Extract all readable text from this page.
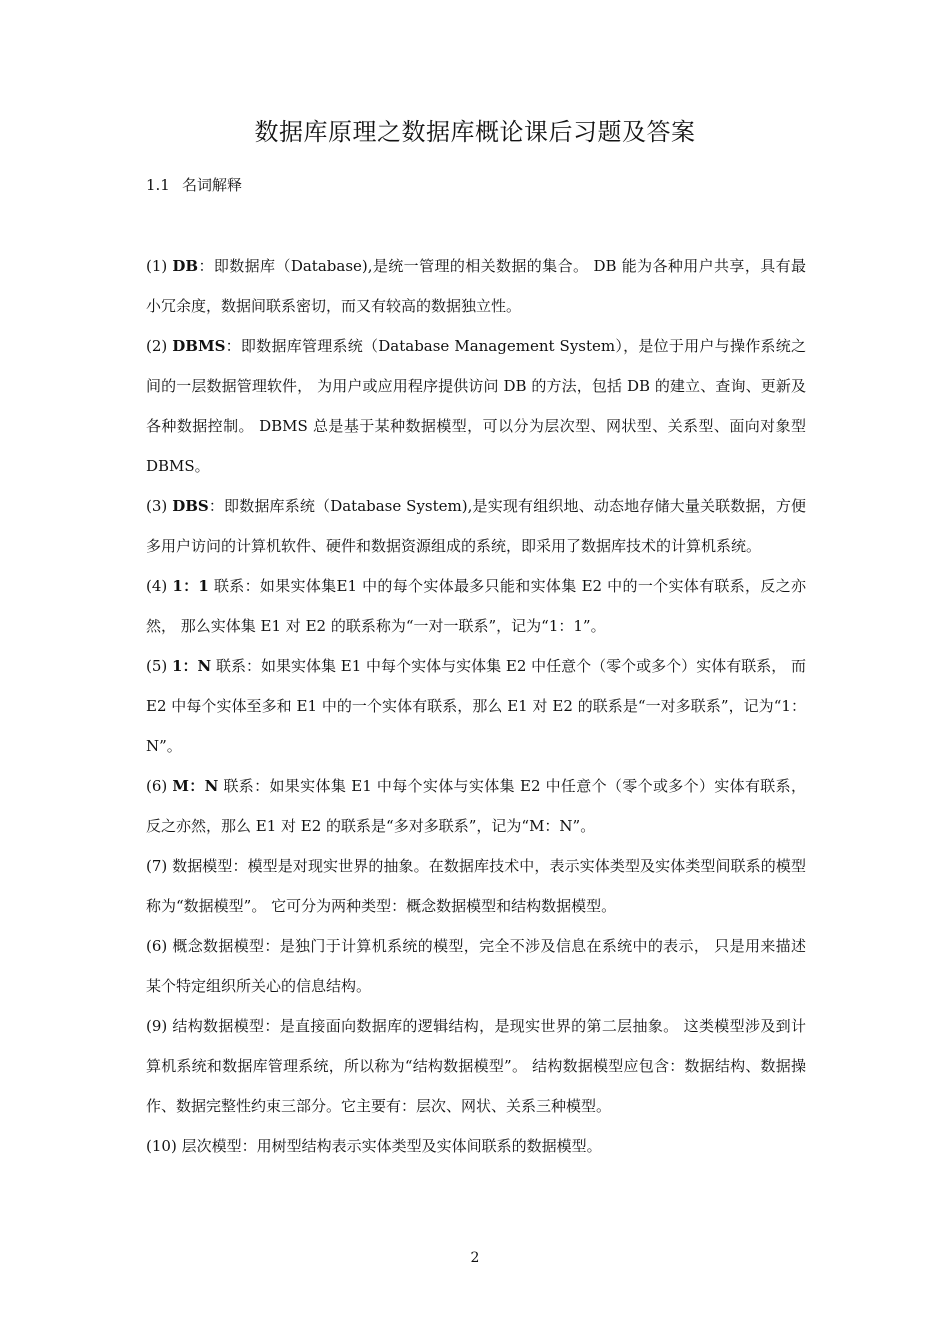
数据库原理之数据库概论课后习题及答案
1.1 名词解释

(1) DB：即数据库（Database),是统一管理的相关数据的集合。 DB 能为各种用户共享，具有最小冗余度，数据间联系密切，而又有较高的数据独立性。

(2) DBMS：即数据库管理系统（Database Management System），是位于用户与操作系统之间的一层数据管理软件， 为用户或应用程序提供访问 DB 的方法，包括 DB 的建立、查询、更新及各种数据控制。 DBMS 总是基于某种数据模型，可以分为层次型、网状型、关系型、面向对象型 DBMS。

(3) DBS：即数据库系统（Database System),是实现有组织地、动态地存储大量关联数据，方便多用户访问的计算机软件、硬件和数据资源组成的系统，即采用了数据库技术的计算机系统。

(4) 1：1 联系：如果实体集E1 中的每个实体最多只能和实体集 E2 中的一个实体有联系，反之亦然， 那么实体集 E1 对 E2 的联系称为“一对一联系”，记为“1：1”。

(5) 1：N 联系：如果实体集 E1 中每个实体与实体集 E2 中任意个（零个或多个）实体有联系， 而 E2 中每个实体至多和 E1 中的一个实体有联系，那么 E1 对 E2 的联系是“一对多联系”，记为“1：N”。

(6) M：N 联系：如果实体集 E1 中每个实体与实体集 E2 中任意个（零个或多个）实体有联系， 反之亦然，那么 E1 对 E2 的联系是“多对多联系”，记为“M：N”。

(7) 数据模型：模型是对现实世界的抽象。在数据库技术中，表示实体类型及实体类型间联系的模型称为“数据模型”。 它可分为两种类型：概念数据模型和结构数据模型。

(6) 概念数据模型：是独门于计算机系统的模型，完全不涉及信息在系统中的表示， 只是用来描述某个特定组织所关心的信息结构。

(9) 结构数据模型：是直接面向数据库的逻辑结构，是现实世界的第二层抽象。 这类模型涉及到计算机系统和数据库管理系统，所以称为“结构数据模型”。 结构数据模型应包含：数据结构、数据操作、数据完整性约束三部分。它主要有：层次、网状、关系三种模型。

(10) 层次模型：用树型结构表示实体类型及实体间联系的数据模型。

2
